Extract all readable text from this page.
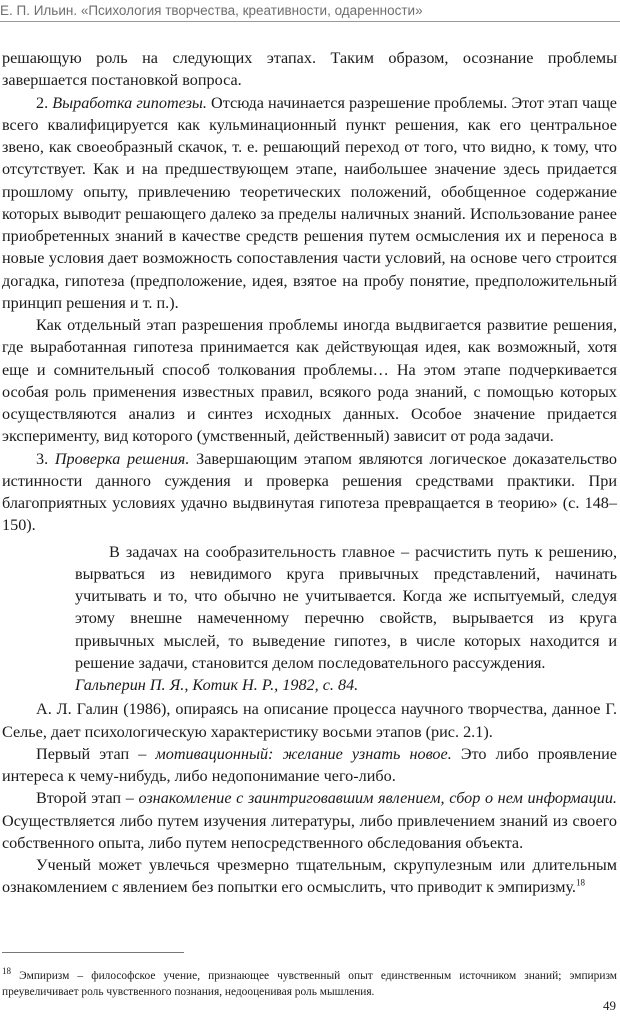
Е. П. Ильин. «Психология творчества, креативности, одаренности»

решающую роль на следующих этапах. Таким образом, осознание проблемы завершается постановкой вопроса.

2. Выработка гипотезы. Отсюда начинается разрешение проблемы. Этот этап чаще всего квалифицируется как кульминационный пункт решения, как его центральное звено, как своеобразный скачок, т. е. решающий переход от того, что видно, к тому, что отсутствует. Как и на предшествующем этапе, наибольшее значение здесь придается прошлому опыту, привлечению теоретических положений, обобщенное содержание которых выводит решающего далеко за пределы наличных знаний. Использование ранее приобретенных знаний в качестве средств решения путем осмысления их и переноса в новые условия дает возможность сопоставления части условий, на основе чего строится догадка, гипотеза (предположение, идея, взятое на пробу понятие, предположительный принцип решения и т. п.).

Как отдельный этап разрешения проблемы иногда выдвигается развитие решения, где выработанная гипотеза принимается как действующая идея, как возможный, хотя еще и сомнительный способ толкования проблемы… На этом этапе подчеркивается особая роль применения известных правил, всякого рода знаний, с помощью которых осуществляются анализ и синтез исходных данных. Особое значение придается эксперименту, вид которого (умственный, действенный) зависит от рода задачи.

3. Проверка решения. Завершающим этапом являются логическое доказательство истинности данного суждения и проверка решения средствами практики. При благоприятных условиях удачно выдвинутая гипотеза превращается в теорию» (с. 148–150).

В задачах на сообразительность главное – расчистить путь к решению, вырваться из невидимого круга привычных представлений, начинать учитывать и то, что обычно не учитывается. Когда же испытуемый, следуя этому внешне намеченному перечню свойств, вырывается из круга привычных мыслей, то выведение гипотез, в числе которых находится и решение задачи, становится делом последовательного рассуждения.

Гальперин П. Я., Котик Н. Р., 1982, с. 84.

А. Л. Галин (1986), опираясь на описание процесса научного творчества, данное Г. Селье, дает психологическую характеристику восьми этапов (рис. 2.1).

Первый этап – мотивационный: желание узнать новое. Это либо проявление интереса к чему-нибудь, либо недопонимание чего-либо.

Второй этап – ознакомление с заинтриговавшим явлением, сбор о нем информации. Осуществляется либо путем изучения литературы, либо привлечением знаний из своего собственного опыта, либо путем непосредственного обследования объекта.

Ученый может увлечься чрезмерно тщательным, скрупулезным или длительным ознакомлением с явлением без попытки его осмыслить, что приводит к эмпиризму.$^{18}$

$^{18}$ Эмпиризм – философское учение, признающее чувственный опыт единственным источником знаний; эмпиризм преувеличивает роль чувственного познания, недооценивая роль мышления.
49
